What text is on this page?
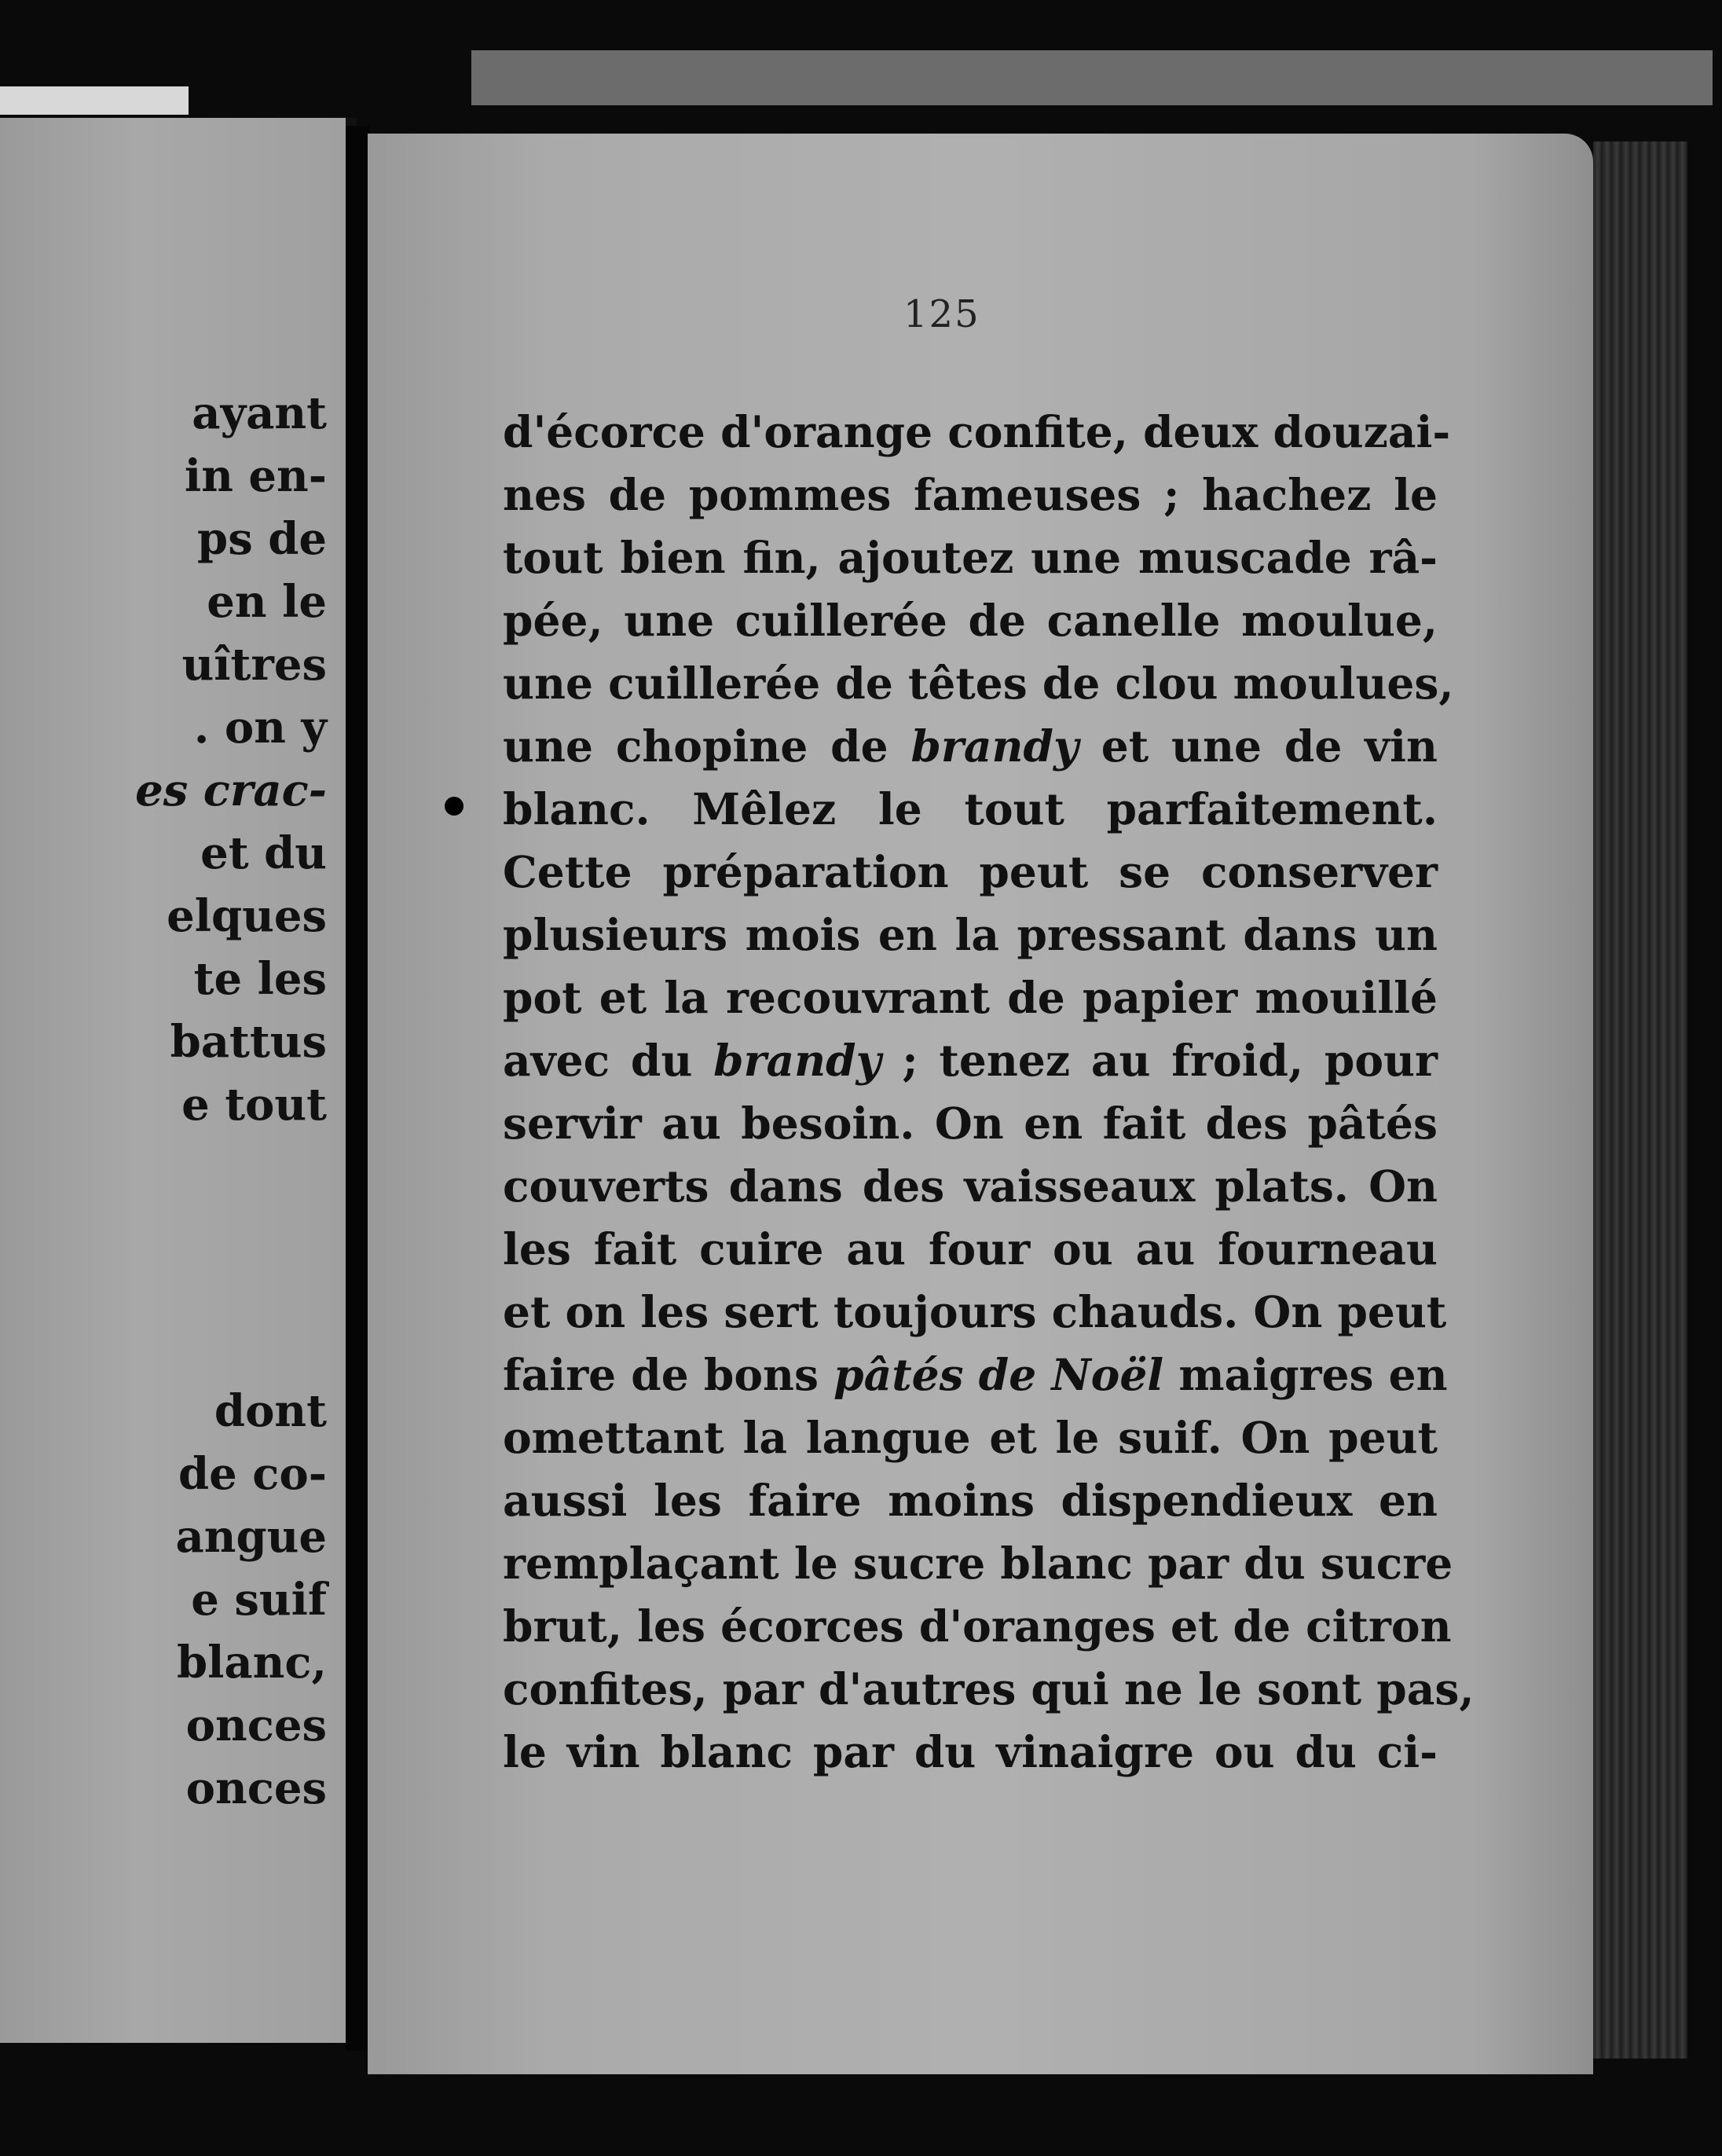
ayant
in en-
ps de
en le
uîtres
. on y
es crac-
et du
elques
te les
battus
e tout
dont
de co-
angue
e suif
blanc,
onces
onces
125
d'écorce d'orange confite, deux douzai-
nes de pommes fameuses ; hachez le
tout bien fin, ajoutez une muscade râ-
pée, une cuillerée de canelle moulue,
une cuillerée de têtes de clou moulues,
une chopine de brandy et une de vin
blanc. Mêlez le tout parfaitement.
Cette préparation peut se conserver
plusieurs mois en la pressant dans un
pot et la recouvrant de papier mouillé
avec du brandy ; tenez au froid, pour
servir au besoin. On en fait des pâtés
couverts dans des vaisseaux plats. On
les fait cuire au four ou au fourneau
et on les sert toujours chauds. On peut
faire de bons pâtés de Noël maigres en
omettant la langue et le suif. On peut
aussi les faire moins dispendieux en
remplaçant le sucre blanc par du sucre
brut, les écorces d'oranges et de citron
confites, par d'autres qui ne le sont pas,
le vin blanc par du vinaigre ou du ci-
